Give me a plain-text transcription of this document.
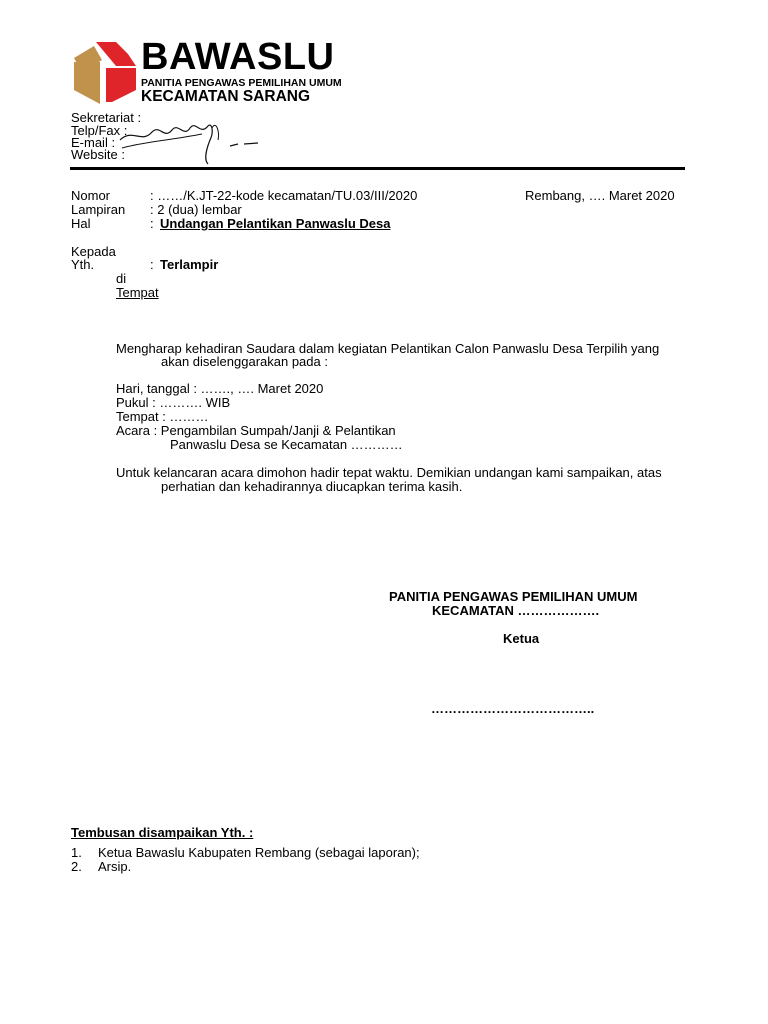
BAWASLU
PANITIA PENGAWAS PEMILIHAN UMUM
KECAMATAN SARANG
Sekretariat :
Telp/Fax :
E-mail :
Website :
Nomor	: ……/K.JT-22-kode kecamatan/TU.03/III/2020	Rembang, …. Maret 2020
Lampiran : 2 (dua) lembar
Hal	: Undangan Pelantikan Panwaslu Desa
Kepada
Yth.	: Terlampir
di
Tempat
Mengharap kehadiran Saudara dalam kegiatan Pelantikan Calon Panwaslu Desa Terpilih yang
akan diselenggarakan pada :
Hari, tanggal : ……., …. Maret 2020
Pukul : ………. WIB
Tempat : ………
Acara : Pengambilan Sumpah/Janji & Pelantikan
Panwaslu Desa se Kecamatan …………
Untuk kelancaran acara dimohon hadir tepat waktu. Demikian undangan kami sampaikan, atas
perhatian dan kehadirannya diucapkan terima kasih.
PANITIA PENGAWAS PEMILIHAN UMUM
KECAMATAN ……………….
Ketua
………………………………..
Tembusan disampaikan Yth. :
1. Ketua Bawaslu Kabupaten Rembang (sebagai laporan);
2. Arsip.
